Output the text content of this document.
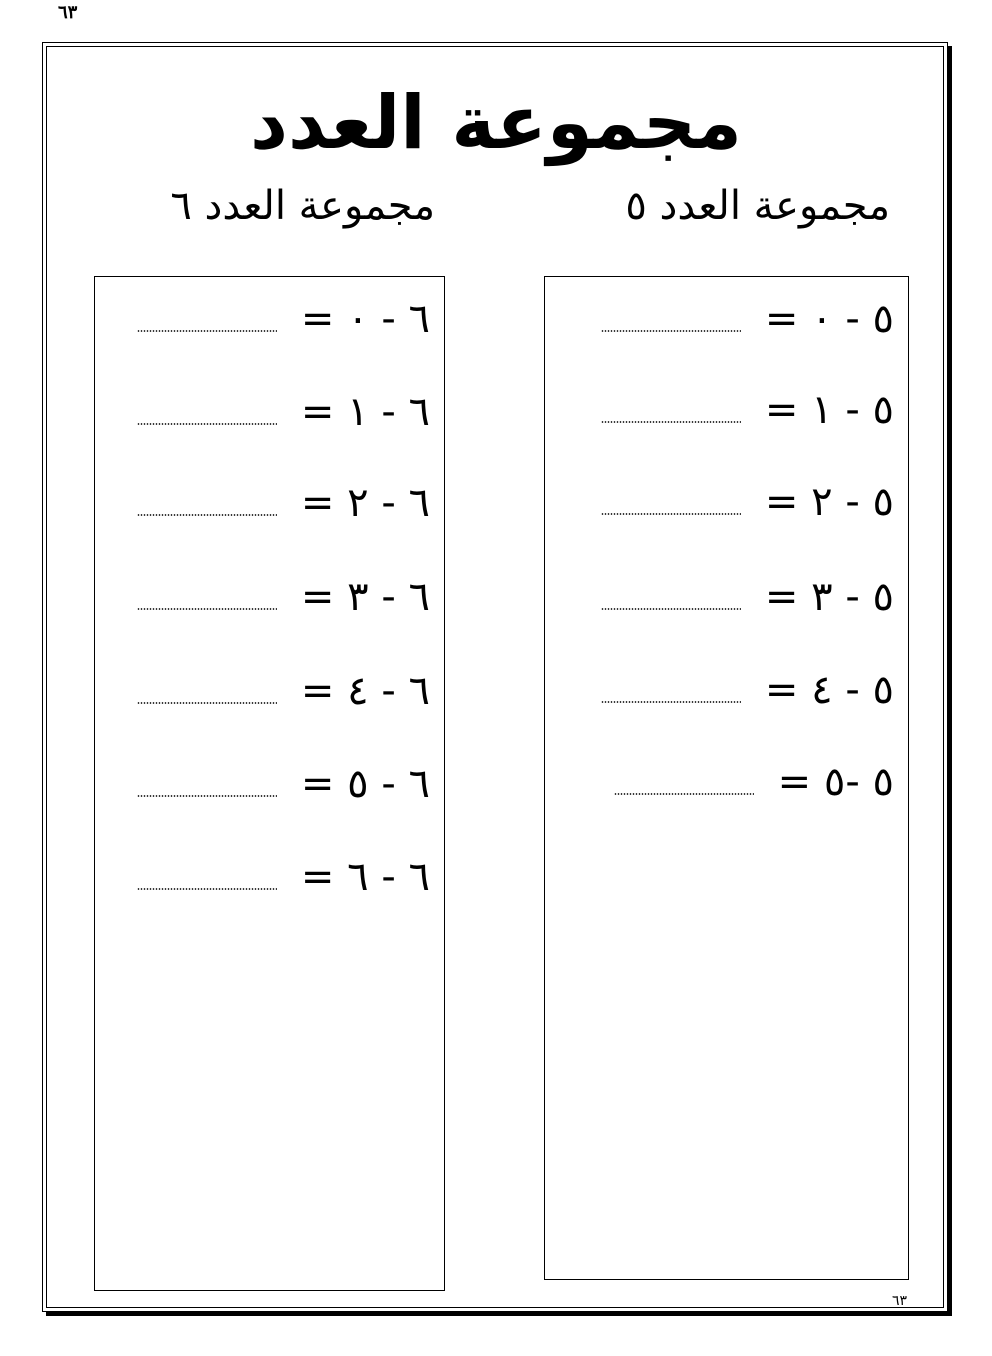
٦٣
مجموعة العدد
مجموعة العدد ٥
مجموعة العدد ٦
٥ - ٠ =
٥ - ١ =
٥ - ٢ =
٥ - ٣ =
٥ - ٤ =
٥ -٥ =
٦ - ٠ =
٦ - ١ =
٦ - ٢ =
٦ - ٣ =
٦ - ٤ =
٦ - ٥ =
٦ - ٦ =
٦٣
